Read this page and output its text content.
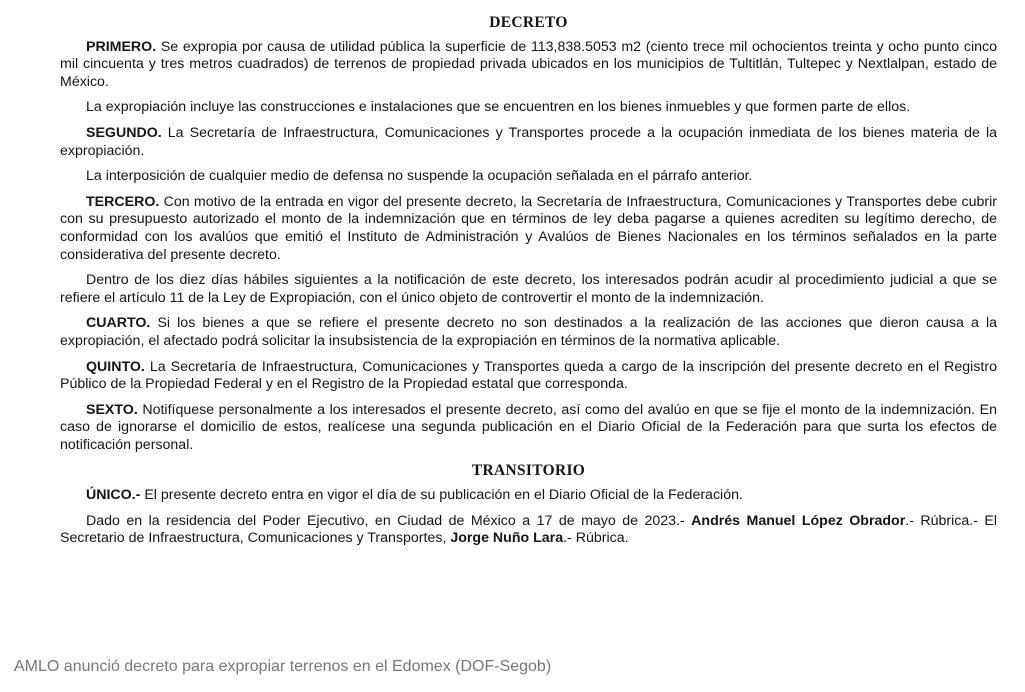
DECRETO

PRIMERO. Se expropia por causa de utilidad pública la superficie de 113,838.5053 m2 (ciento trece mil ochocientos treinta y ocho punto cinco mil cincuenta y tres metros cuadrados) de terrenos de propiedad privada ubicados en los municipios de Tultitlán, Tultepec y Nextlalpan, estado de México.

La expropiación incluye las construcciones e instalaciones que se encuentren en los bienes inmuebles y que formen parte de ellos.

SEGUNDO. La Secretaría de Infraestructura, Comunicaciones y Transportes procede a la ocupación inmediata de los bienes materia de la expropiación.

La interposición de cualquier medio de defensa no suspende la ocupación señalada en el párrafo anterior.

TERCERO. Con motivo de la entrada en vigor del presente decreto, la Secretaría de Infraestructura, Comunicaciones y Transportes debe cubrir con su presupuesto autorizado el monto de la indemnización que en términos de ley deba pagarse a quienes acrediten su legítimo derecho, de conformidad con los avalúos que emitió el Instituto de Administración y Avalúos de Bienes Nacionales en los términos señalados en la parte considerativa del presente decreto.

Dentro de los diez días hábiles siguientes a la notificación de este decreto, los interesados podrán acudir al procedimiento judicial a que se refiere el artículo 11 de la Ley de Expropiación, con el único objeto de controvertir el monto de la indemnización.

CUARTO. Si los bienes a que se refiere el presente decreto no son destinados a la realización de las acciones que dieron causa a la expropiación, el afectado podrá solicitar la insubsistencia de la expropiación en términos de la normativa aplicable.

QUINTO. La Secretaría de Infraestructura, Comunicaciones y Transportes queda a cargo de la inscripción del presente decreto en el Registro Público de la Propiedad Federal y en el Registro de la Propiedad estatal que corresponda.

SEXTO. Notifíquese personalmente a los interesados el presente decreto, así como del avalúo en que se fije el monto de la indemnización. En caso de ignorarse el domicilio de estos, realícese una segunda publicación en el Diario Oficial de la Federación para que surta los efectos de notificación personal.

TRANSITORIO

ÚNICO.- El presente decreto entra en vigor el día de su publicación en el Diario Oficial de la Federación.

Dado en la residencia del Poder Ejecutivo, en Ciudad de México a 17 de mayo de 2023.- Andrés Manuel López Obrador.- Rúbrica.- El Secretario de Infraestructura, Comunicaciones y Transportes, Jorge Nuño Lara.- Rúbrica.

AMLO anunció decreto para expropiar terrenos en el Edomex (DOF-Segob)
